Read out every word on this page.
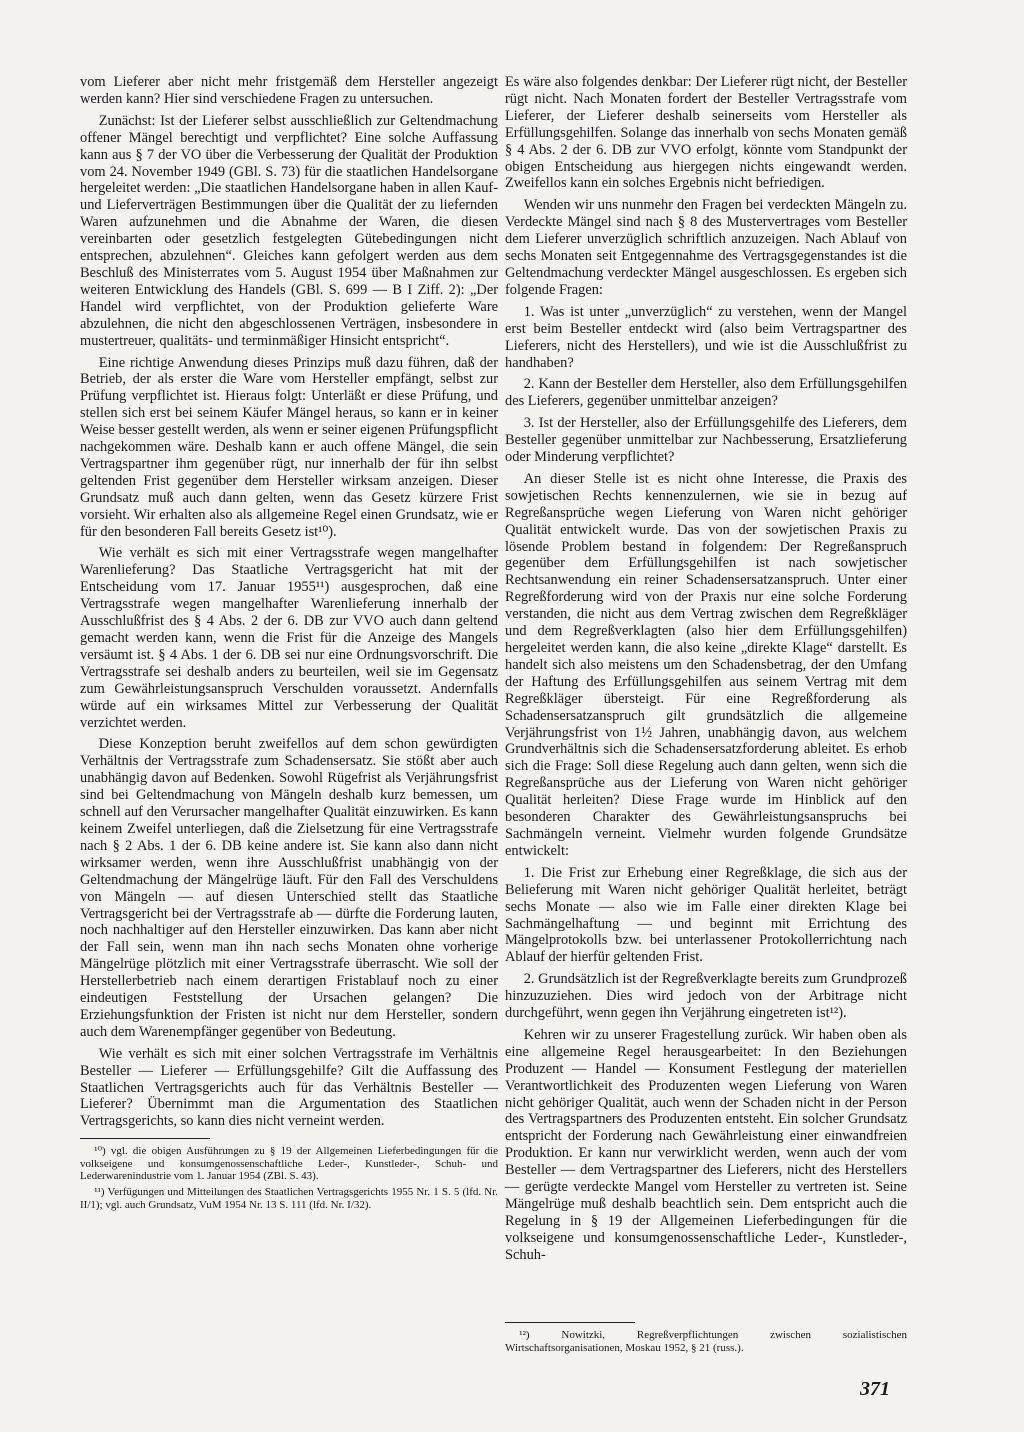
vom Lieferer aber nicht mehr fristgemäß dem Hersteller angezeigt werden kann? Hier sind verschiedene Fragen zu untersuchen.

Zunächst: Ist der Lieferer selbst ausschließlich zur Geltendmachung offener Mängel berechtigt und verpflichtet? Eine solche Auffassung kann aus § 7 der VO über die Verbesserung der Qualität der Produktion vom 24. November 1949 (GBl. S. 73) für die staatlichen Handelsorgane hergeleitet werden: „Die staatlichen Handelsorgane haben in allen Kauf- und Lieferverträgen Bestimmungen über die Qualität der zu liefernden Waren aufzunehmen und die Abnahme der Waren, die diesen vereinbarten oder gesetzlich festgelegten Gütebedingungen nicht entsprechen, abzulehnen“. Gleiches kann gefolgert werden aus dem Beschluß des Ministerrates vom 5. August 1954 über Maßnahmen zur weiteren Entwicklung des Handels (GBl. S. 699 — B I Ziff. 2): „Der Handel wird verpflichtet, von der Produktion gelieferte Ware abzulehnen, die nicht den abgeschlossenen Verträgen, insbesondere in mustertreuer, qualitäts- und terminmäßiger Hinsicht entspricht“.

Eine richtige Anwendung dieses Prinzips muß dazu führen, daß der Betrieb, der als erster die Ware vom Hersteller empfängt, selbst zur Prüfung verpflichtet ist. Hieraus folgt: Unterläßt er diese Prüfung, und stellen sich erst bei seinem Käufer Mängel heraus, so kann er in keiner Weise besser gestellt werden, als wenn er seiner eigenen Prüfungspflicht nachgekommen wäre. Deshalb kann er auch offene Mängel, die sein Vertragspartner ihm gegenüber rügt, nur innerhalb der für ihn selbst geltenden Frist gegenüber dem Hersteller wirksam anzeigen. Dieser Grundsatz muß auch dann gelten, wenn das Gesetz kürzere Frist vorsieht. Wir erhalten also als allgemeine Regel einen Grundsatz, wie er für den besonderen Fall bereits Gesetz ist¹⁰).

Wie verhält es sich mit einer Vertragsstrafe wegen mangelhafter Warenlieferung? Das Staatliche Vertragsgericht hat mit der Entscheidung vom 17. Januar 1955¹¹) ausgesprochen, daß eine Vertragsstrafe wegen mangelhafter Warenlieferung innerhalb der Ausschlußfrist des § 4 Abs. 2 der 6. DB zur VVO auch dann geltend gemacht werden kann, wenn die Frist für die Anzeige des Mangels versäumt ist. § 4 Abs. 1 der 6. DB sei nur eine Ordnungsvorschrift. Die Vertragsstrafe sei deshalb anders zu beurteilen, weil sie im Gegensatz zum Gewährleistungsanspruch Verschulden voraussetzt. Andernfalls würde auf ein wirksames Mittel zur Verbesserung der Qualität verzichtet werden.

Diese Konzeption beruht zweifellos auf dem schon gewürdigten Verhältnis der Vertragsstrafe zum Schadensersatz. Sie stößt aber auch unabhängig davon auf Bedenken. Sowohl Rügefrist als Verjährungsfrist sind bei Geltendmachung von Mängeln deshalb kurz bemessen, um schnell auf den Verursacher mangelhafter Qualität einzuwirken. Es kann keinem Zweifel unterliegen, daß die Zielsetzung für eine Vertragsstrafe nach § 2 Abs. 1 der 6. DB keine andere ist. Sie kann also dann nicht wirksamer werden, wenn ihre Ausschlußfrist unabhängig von der Geltendmachung der Mängelrüge läuft. Für den Fall des Verschuldens von Mängeln — auf diesen Unterschied stellt das Staatliche Vertragsgericht bei der Vertragsstrafe ab — dürfte die Forderung lauten, noch nachhaltiger auf den Hersteller einzuwirken. Das kann aber nicht der Fall sein, wenn man ihn nach sechs Monaten ohne vorherige Mängelrüge plötzlich mit einer Vertragsstrafe überrascht. Wie soll der Herstellerbetrieb nach einem derartigen Fristablauf noch zu einer eindeutigen Feststellung der Ursachen gelangen? Die Erziehungsfunktion der Fristen ist nicht nur dem Hersteller, sondern auch dem Warenempfänger gegenüber von Bedeutung.

Wie verhält es sich mit einer solchen Vertragsstrafe im Verhältnis Besteller — Lieferer — Erfüllungsgehilfe? Gilt die Auffassung des Staatlichen Vertragsgerichts auch für das Verhältnis Besteller — Lieferer? Übernimmt man die Argumentation des Staatlichen Vertragsgerichts, so kann dies nicht verneint werden.

¹⁰) vgl. die obigen Ausführungen zu § 19 der Allgemeinen Lieferbedingungen für die volkseigene und konsumgenossenschaftliche Leder-, Kunstleder-, Schuh- und Lederwarenindustrie vom 1. Januar 1954 (ZBl. S. 43).

¹¹) Verfügungen und Mitteilungen des Staatlichen Vertragsgerichts 1955 Nr. 1 S. 5 (lfd. Nr. II/1); vgl. auch Grundsatz, VuM 1954 Nr. 13 S. 111 (lfd. Nr. I/32).

Es wäre also folgendes denkbar: Der Lieferer rügt nicht, der Besteller rügt nicht. Nach Monaten fordert der Besteller Vertragsstrafe vom Lieferer, der Lieferer deshalb seinerseits vom Hersteller als Erfüllungsgehilfen. Solange das innerhalb von sechs Monaten gemäß § 4 Abs. 2 der 6. DB zur VVO erfolgt, könnte vom Standpunkt der obigen Entscheidung aus hiergegen nichts eingewandt werden. Zweifellos kann ein solches Ergebnis nicht befriedigen.

Wenden wir uns nunmehr den Fragen bei verdeckten Mängeln zu. Verdeckte Mängel sind nach § 8 des Mustervertrages vom Besteller dem Lieferer unverzüglich schriftlich anzuzeigen. Nach Ablauf von sechs Monaten seit Entgegennahme des Vertragsgegenstandes ist die Geltendmachung verdeckter Mängel ausgeschlossen. Es ergeben sich folgende Fragen:

1. Was ist unter „unverzüglich“ zu verstehen, wenn der Mangel erst beim Besteller entdeckt wird (also beim Vertragspartner des Lieferers, nicht des Herstellers), und wie ist die Ausschlußfrist zu handhaben?

2. Kann der Besteller dem Hersteller, also dem Erfüllungsgehilfen des Lieferers, gegenüber unmittelbar anzeigen?

3. Ist der Hersteller, also der Erfüllungsgehilfe des Lieferers, dem Besteller gegenüber unmittelbar zur Nachbesserung, Ersatzlieferung oder Minderung verpflichtet?

An dieser Stelle ist es nicht ohne Interesse, die Praxis des sowjetischen Rechts kennenzulernen, wie sie in bezug auf Regreßansprüche wegen Lieferung von Waren nicht gehöriger Qualität entwickelt wurde. Das von der sowjetischen Praxis zu lösende Problem bestand in folgendem: Der Regreßanspruch gegenüber dem Erfüllungsgehilfen ist nach sowjetischer Rechtsanwendung ein reiner Schadensersatzanspruch. Unter einer Regreßforderung wird von der Praxis nur eine solche Forderung verstanden, die nicht aus dem Vertrag zwischen dem Regreßkläger und dem Regreßverklagten (also hier dem Erfüllungsgehilfen) hergeleitet werden kann, die also keine „direkte Klage“ darstellt. Es handelt sich also meistens um den Schadensbetrag, der den Umfang der Haftung des Erfüllungsgehilfen aus seinem Vertrag mit dem Regreßkläger übersteigt. Für eine Regreßforderung als Schadensersatzanspruch gilt grundsätzlich die allgemeine Verjährungsfrist von 1½ Jahren, unabhängig davon, aus welchem Grundverhältnis sich die Schadensersatzforderung ableitet. Es erhob sich die Frage: Soll diese Regelung auch dann gelten, wenn sich die Regreßansprüche aus der Lieferung von Waren nicht gehöriger Qualität herleiten? Diese Frage wurde im Hinblick auf den besonderen Charakter des Gewährleistungsanspruchs bei Sachmängeln verneint. Vielmehr wurden folgende Grundsätze entwickelt:

1. Die Frist zur Erhebung einer Regreßklage, die sich aus der Belieferung mit Waren nicht gehöriger Qualität herleitet, beträgt sechs Monate — also wie im Falle einer direkten Klage bei Sachmängelhaftung — und beginnt mit Errichtung des Mängelprotokolls bzw. bei unterlassener Protokollerrichtung nach Ablauf der hierfür geltenden Frist.

2. Grundsätzlich ist der Regreßverklagte bereits zum Grundprozeß hinzuzuziehen. Dies wird jedoch von der Arbitrage nicht durchgeführt, wenn gegen ihn Verjährung eingetreten ist¹²).

Kehren wir zu unserer Fragestellung zurück. Wir haben oben als eine allgemeine Regel herausgearbeitet: In den Beziehungen Produzent — Handel — Konsument Festlegung der materiellen Verantwortlichkeit des Produzenten wegen Lieferung von Waren nicht gehöriger Qualität, auch wenn der Schaden nicht in der Person des Vertragspartners des Produzenten entsteht. Ein solcher Grundsatz entspricht der Forderung nach Gewährleistung einer einwandfreien Produktion. Er kann nur verwirklicht werden, wenn auch der vom Besteller — dem Vertragspartner des Lieferers, nicht des Herstellers — gerügte verdeckte Mangel vom Hersteller zu vertreten ist. Seine Mängelrüge muß deshalb beachtlich sein. Dem entspricht auch die Regelung in § 19 der Allgemeinen Lieferbedingungen für die volkseigene und konsumgenossenschaftliche Leder-, Kunstleder-, Schuh-

¹²) Nowitzki, Regreßverpflichtungen zwischen sozialistischen Wirtschaftsorganisationen, Moskau 1952, § 21 (russ.).

371
